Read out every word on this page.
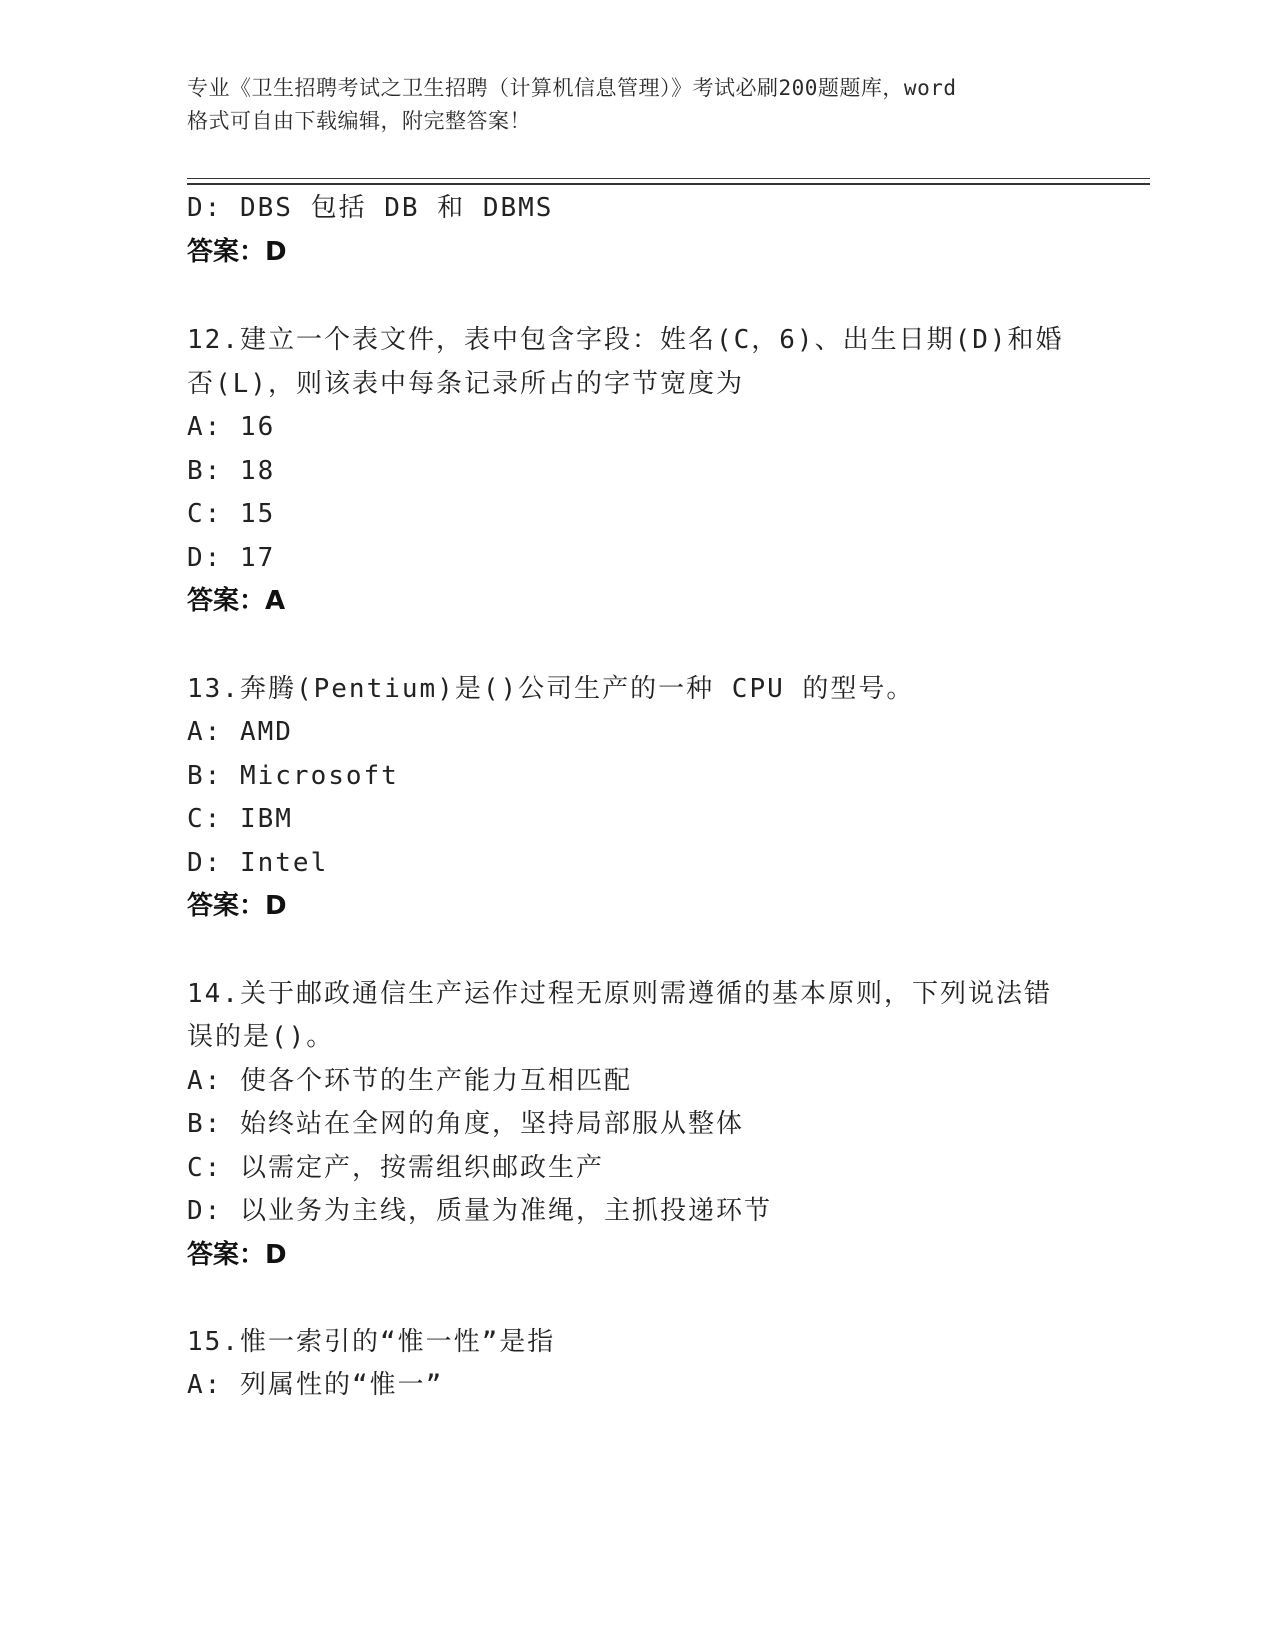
专业《卫生招聘考试之卫生招聘（计算机信息管理）》考试必刷200题题库，word
格式可自由下载编辑，附完整答案！
D: DBS 包括 DB 和 DBMS
答案：D
12.建立一个表文件，表中包含字段：姓名(C，6)、出生日期(D)和婚
否(L)，则该表中每条记录所占的字节宽度为
A: 16
B: 18
C: 15
D: 17
答案：A
13.奔腾(Pentium)是()公司生产的一种 CPU 的型号。
A: AMD
B: Microsoft
C: IBM
D: Intel
答案：D
14.关于邮政通信生产运作过程无原则需遵循的基本原则，下列说法错
误的是()。
A: 使各个环节的生产能力互相匹配
B: 始终站在全网的角度，坚持局部服从整体
C: 以需定产，按需组织邮政生产
D: 以业务为主线，质量为准绳，主抓投递环节
答案：D
15.惟一索引的“惟一性”是指
A: 列属性的“惟一”
